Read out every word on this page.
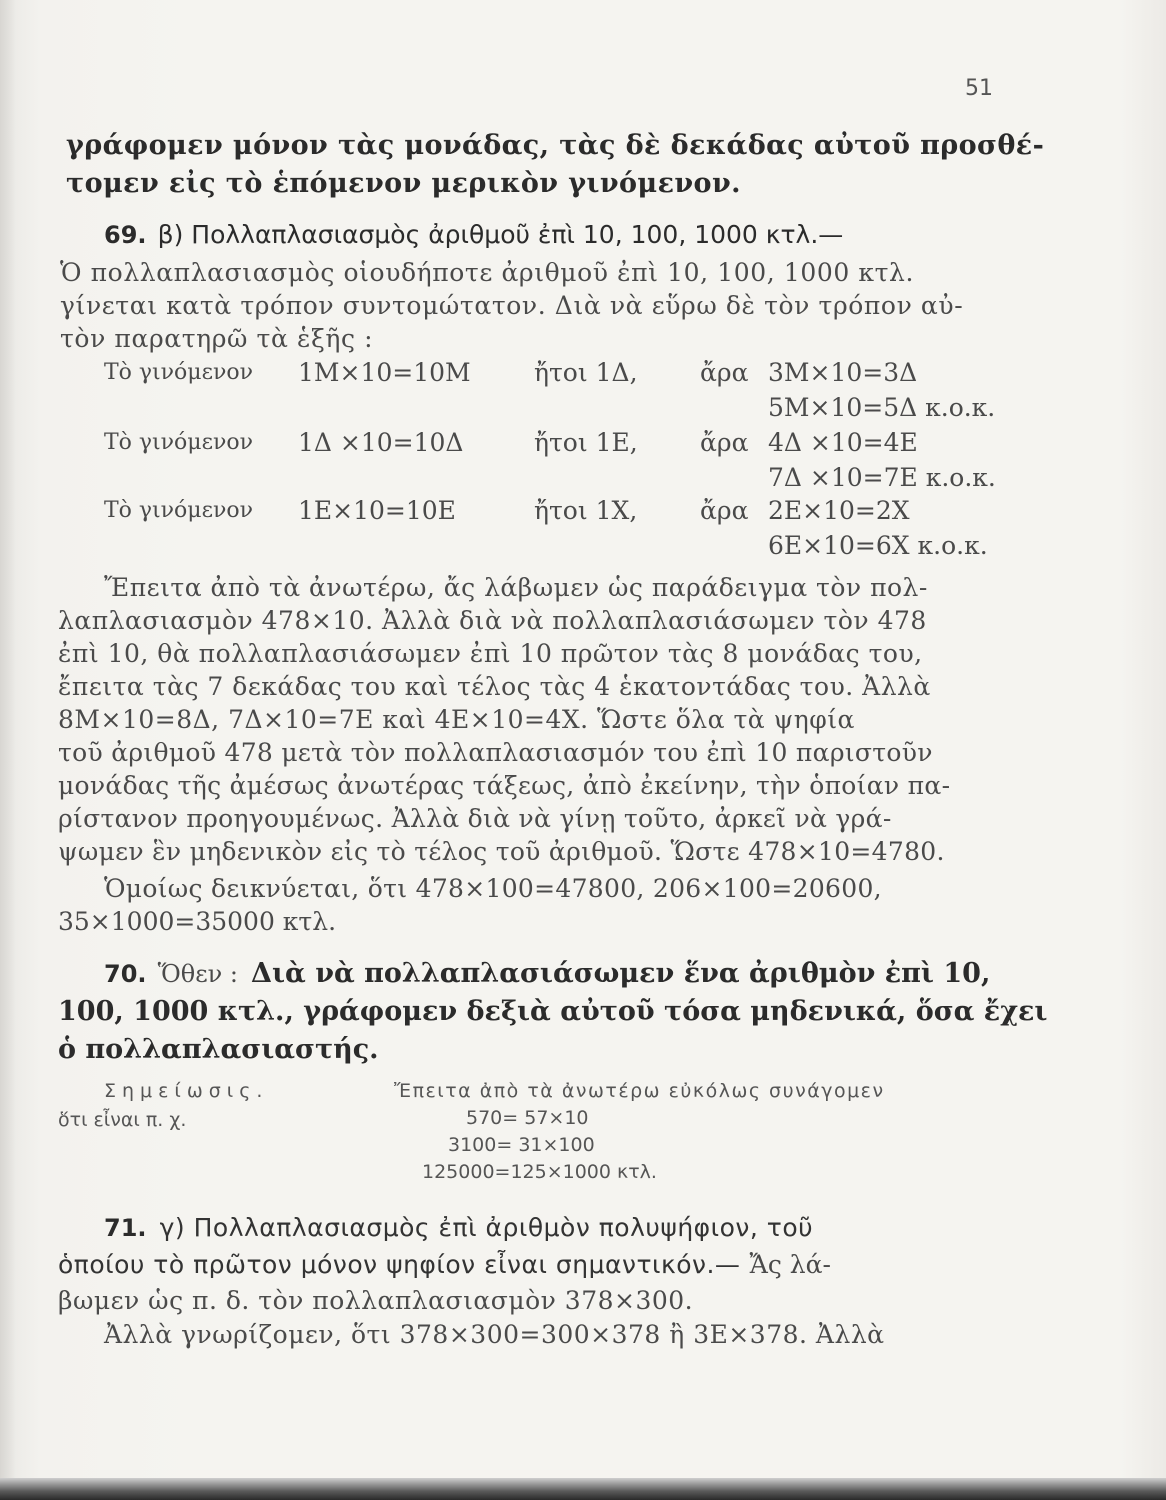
51
γράφομεν μόνον τὰς μονάδας, τὰς δὲ δεκάδας αὐτοῦ προσθέ-
τομεν εἰς τὸ ἑπόμενον μερικὸν γινόμενον.
69. β) Πολλαπλασιασμὸς ἀριθμοῦ ἐπὶ 10, 100, 1000 κτλ.—
Ὁ πολλαπλασιασμὸς οἱουδήποτε ἀριθμοῦ ἐπὶ 10, 100, 1000 κτλ.
γίνεται κατὰ τρόπον συντομώτατον. Διὰ νὰ εὕρω δὲ τὸν τρόπον αὐ-
τὸν παρατηρῶ τὰ ἑξῆς :
Τὸ γινόμενον 1M×10=10M	ἤτοι 1Δ, ἄρα 3M×10=3Δ
5M×10=5Δ κ.ο.κ.
Τὸ γινόμενον 1Δ ×10=10Δ	ἤτοι 1Ε, ἄρα 4Δ ×10=4Ε
7Δ ×10=7Ε κ.ο.κ.
Τὸ γινόμενον 1Ε×10=10Ε	ἤτοι 1Χ,	ἄρα 2Ε×10=2Χ
6Ε×10=6Χ κ.ο.κ.
Ἔπειτα ἀπὸ τὰ ἀνωτέρω, ἄς λάβωμεν ὡς παράδειγμα τὸν πολ-
λαπλασιασμὸν 478×10. Ἀλλὰ διὰ νὰ πολλαπλασιάσωμεν τὸν 478
ἐπὶ 10, θὰ πολλαπλασιάσωμεν ἐπὶ 10 πρῶτον τὰς 8 μονάδας του,
ἔπειτα τὰς 7 δεκάδας του καὶ τέλος τὰς 4 ἑκατοντάδας του. Ἀλλὰ
8M×10=8Δ, 7Δ×10=7Ε καὶ 4Ε×10=4Χ. Ὥστε ὅλα τὰ ψηφία
τοῦ ἀριθμοῦ 478 μετὰ τὸν πολλαπλασιασμόν του ἐπὶ 10 παριστοῦν
μονάδας τῆς ἀμέσως ἀνωτέρας τάξεως, ἀπὸ ἐκείνην, τὴν ὁποίαν πα-
ρίστανον προηγουμένως. Ἀλλὰ διὰ νὰ γίνῃ τοῦτο, ἀρκεῖ νὰ γρά-
ψωμεν ἓν μηδενικὸν εἰς τὸ τέλος τοῦ ἀριθμοῦ. Ὥστε 478×10=4780.
Ὁμοίως δεικνύεται, ὅτι 478×100=47800, 206×100=20600,
35×1000=35000 κτλ.
70. Ὅθεν : Διὰ νὰ πολλαπλασιάσωμεν ἕνα ἀριθμὸν ἐπὶ 10,
100, 1000 κτλ., γράφομεν δεξιὰ αὐτοῦ τόσα μηδενικά, ὅσα ἔχει
ὁ πολλαπλασιαστής.
Σημείωσις.	Ἔπειτα ἀπὸ τὰ ἀνωτέρω εὐκόλως συνάγομεν
ὅτι εἶναι π. χ.	570= 57×10
3100= 31×100
125000=125×1000 κτλ.
71. γ) Πολλαπλασιασμὸς ἐπὶ ἀριθμὸν πολυψήφιον, τοῦ
ὁποίου τὸ πρῶτον μόνον ψηφίον εἶναι σημαντικόν.— Ἄς λά-
βωμεν ὡς π. δ. τὸν πολλαπλασιασμὸν 378×300.
Ἀλλὰ γνωρίζομεν, ὅτι 378×300=300×378 ἢ 3Ε×378. Ἀλλὰ
